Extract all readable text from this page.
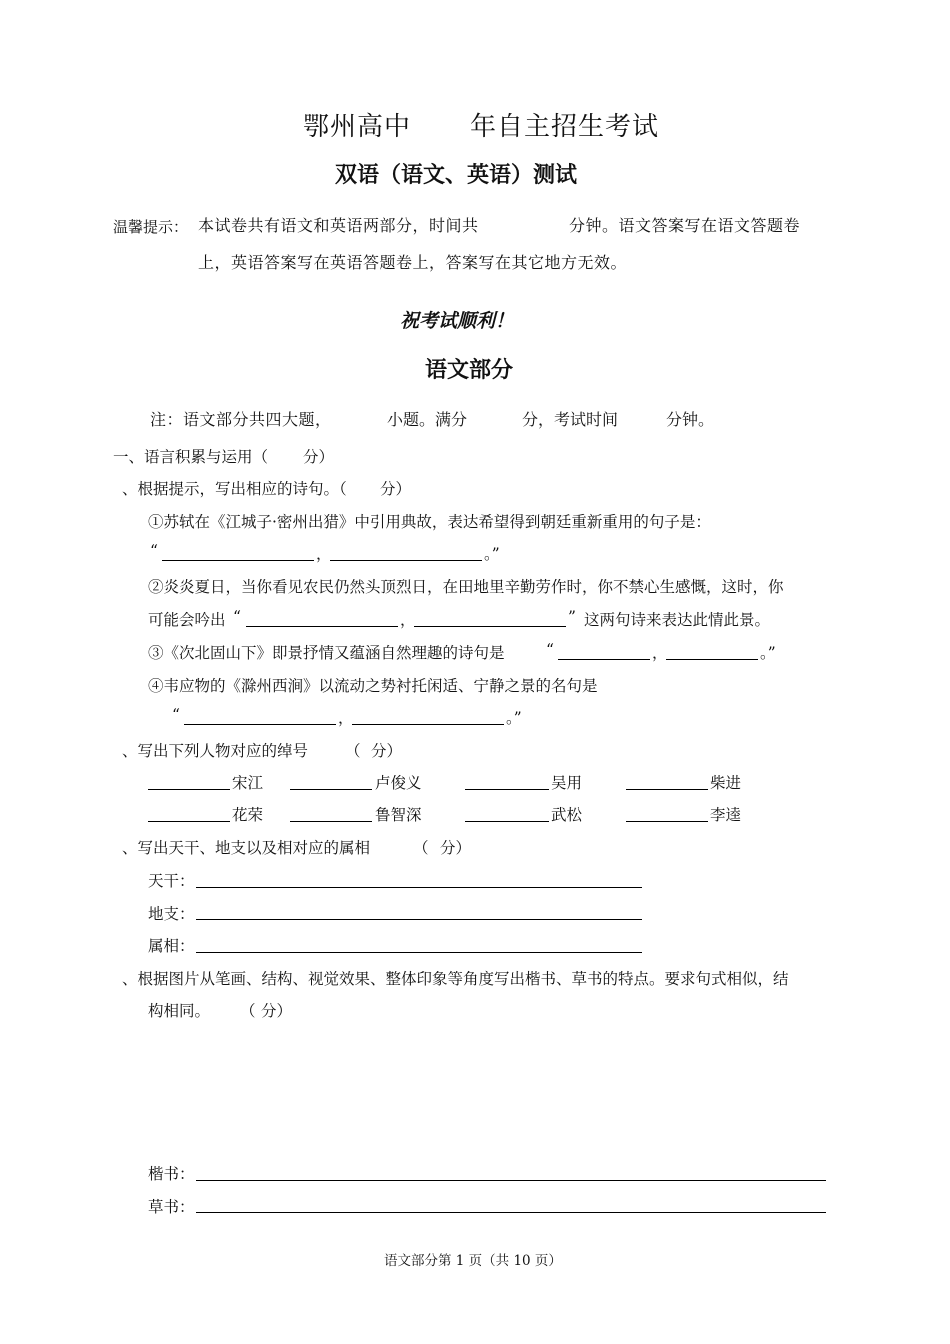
鄂州高中 年自主招生考试
双语（语文、英语）测试
温馨提示： 本试卷共有语文和英语两部分，时间共	分钟。语文答案写在语文答题卷
上，英语答案写在英语答题卷上，答案写在其它地方无效。
祝考试顺利！
语文部分
注：语文部分共四大题，	小题。满分	分，考试时间	分钟。
一、语言积累与运用（ 分）
、根据提示，写出相应的诗句。（ 分）
①苏轼在《江城子·密州出猎》中引用典故，表达希望得到朝廷重新重用的句子是：
“	，	。”
②炎炎夏日，当你看见农民仍然头顶烈日，在田地里辛勤劳作时，你不禁心生感慨，这时，你
可能会吟出 “	，	” 这两句诗来表达此情此景。
③《次北固山下》即景抒情又蕴涵自然理趣的诗句是	“	，	。”
④韦应物的《滁州西涧》以流动之势衬托闲适、宁静之景的名句是
“	，	。”
、写出下列人物对应的绰号 （ 分）
宋江	卢俊义	吴用	柴进
花荣	鲁智深	武松	李逵
、写出天干、地支以及相对应的属相	（ 分）
天干：
地支：
属相：
、根据图片从笔画、结构、视觉效果、整体印象等角度写出楷书、草书的特点。要求句式相似，结
构相同。 （ 分）
楷书：
草书：
语文部分第 1 页（共 10 页）
